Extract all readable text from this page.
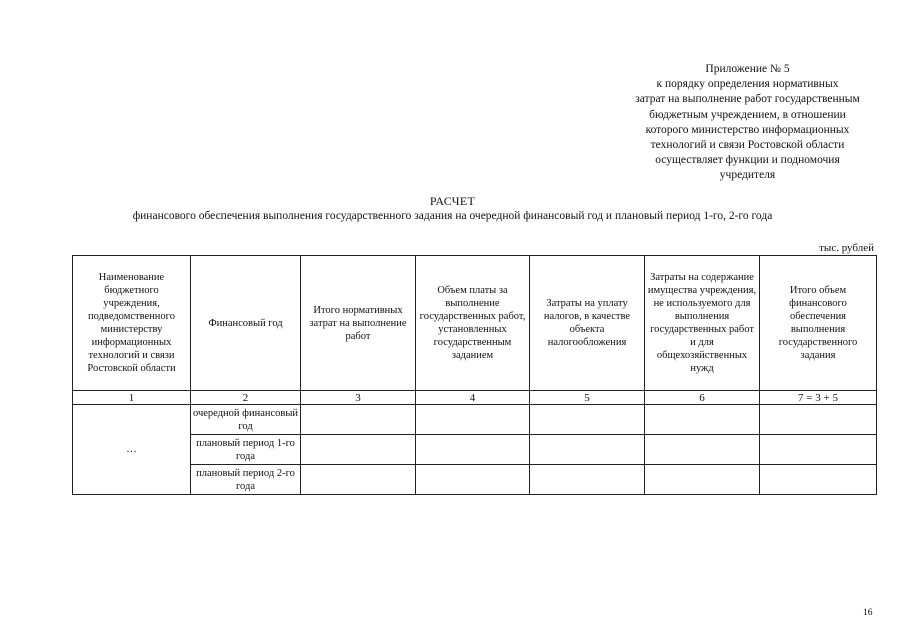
Приложение № 5
к порядку определения нормативных
затрат на выполнение работ государственным
бюджетным учреждением, в отношении
которого министерство информационных
технологий и связи Ростовской области
осуществляет функции и подномочия
учредителя
РАСЧЕТ
финансового обеспечения выполнения государственного задания на очередной финансовый год и плановый период 1-го, 2-го года
тыс. рублей
Наименование бюджетного учреждения, подведомственного министерству информационных технологий и связи Ростовской области	Финансовый год	Итого нормативных затрат на выполнение работ	Объем платы за выполнение государственных работ, установленных государственным заданием	Затраты на уплату налогов, в качестве объекта налогообложения	Затраты на содержание имущества учреждения, не используемого для выполнения государственных работ и для общехозяйственных нужд	Итого объем финансового обеспечения выполнения государственного задания
1	2	3	4	5	6	7 = 3 + 5
…	очередной финансовый год					
	плановый период 1-го года					
	плановый период 2-го года					
16
